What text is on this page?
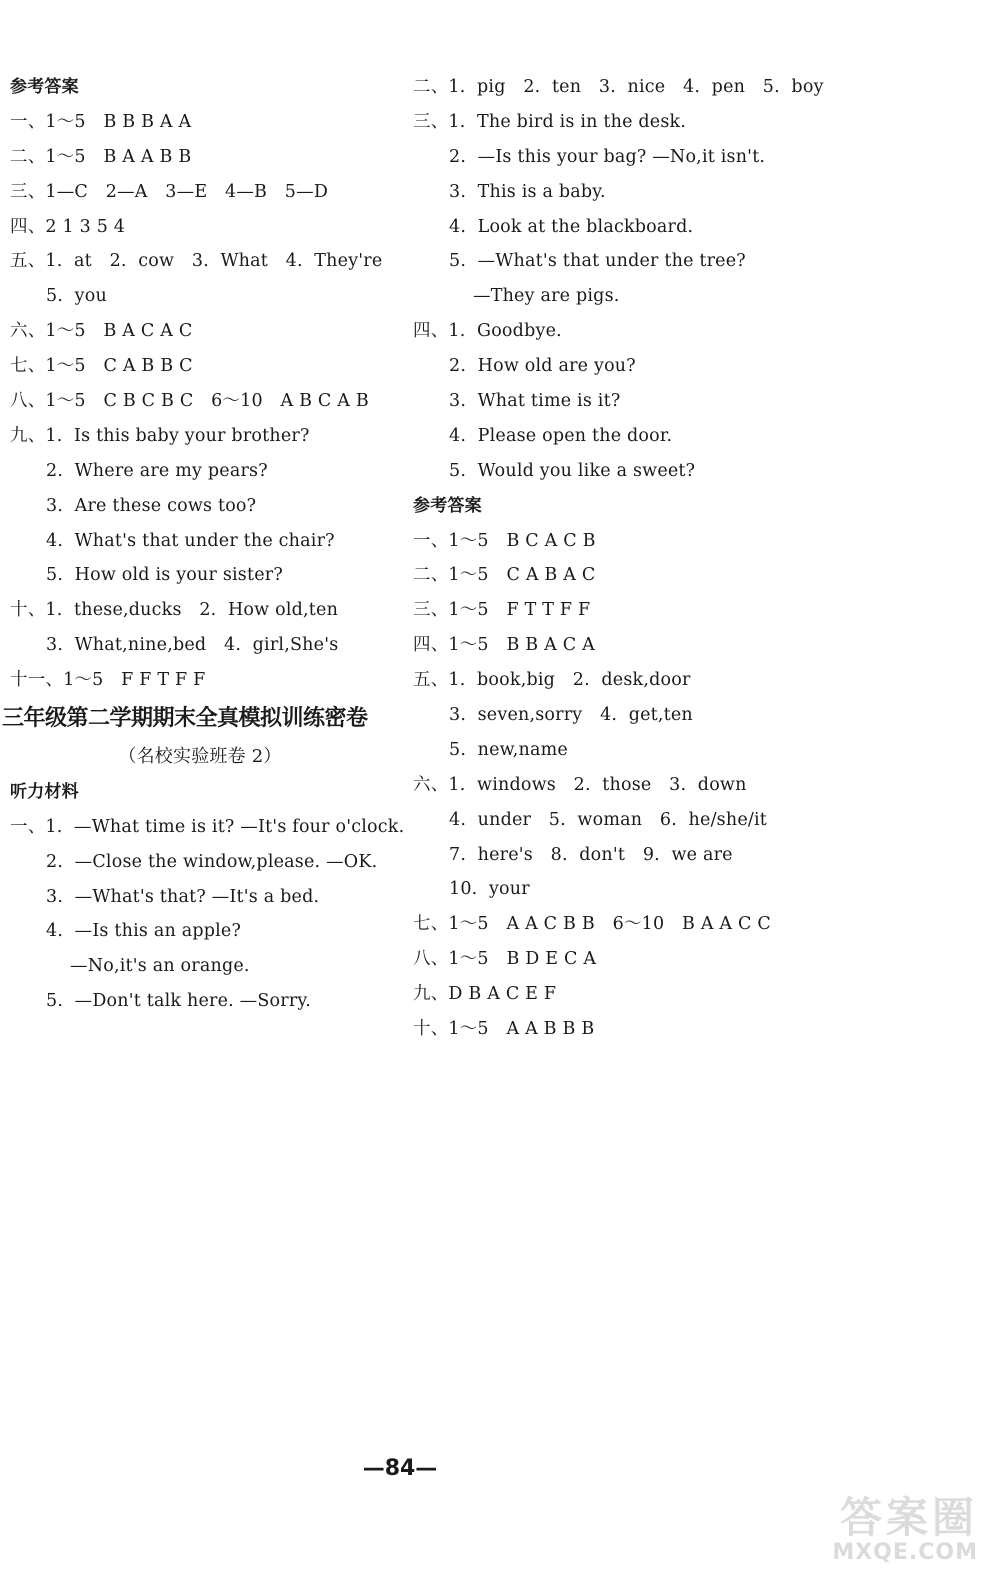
参考答案
一、1～5　B B B A A
二、1～5　B A A B B
三、1—C　2—A　3—E　4—B　5—D
四、2 1 3 5 4
五、1.  at　2.  cow　3.  What　4.  They're
5.  you
六、1～5　B A C A C
七、1～5　C A B B C
八、1～5　C B C B C　6～10　A B C A B
九、1.  Is this baby your brother?
2.  Where are my pears?
3.  Are these cows too?
4.  What's that under the chair?
5.  How old is your sister?
十、1.  these,ducks　2.  How old,ten
3.  What,nine,bed　4.  girl,She's
十一、1～5　F F T F F
三年级第二学期期末全真模拟训练密卷
（名校实验班卷 2）
听力材料
一、1.  —What time is it? —It's four o'clock.
2.  —Close the window,please. —OK.
3.  —What's that? —It's a bed.
4.  —Is this an apple?
—No,it's an orange.
5.  —Don't talk here. —Sorry.
二、1.  pig　2.  ten　3.  nice　4.  pen　5.  boy
三、1.  The bird is in the desk.
2.  —Is this your bag? —No,it isn't.
3.  This is a baby.
4.  Look at the blackboard.
5.  —What's that under the tree?
—They are pigs.
四、1.  Goodbye.
2.  How old are you?
3.  What time is it?
4.  Please open the door.
5.  Would you like a sweet?
参考答案
一、1～5　B C A C B
二、1～5　C A B A C
三、1～5　F T T F F
四、1～5　B B A C A
五、1.  book,big　2.  desk,door
3.  seven,sorry　4.  get,ten
5.  new,name
六、1.  windows　2.  those　3.  down
4.  under　5.  woman　6.  he/she/it
7.  here's　8.  don't　9.  we are
10.  your
七、1～5　A A C B B　6～10　B A A C C
八、1～5　B D E C A
九、D B A C E F
十、1～5　A A B B B
—84—
答案圈
MXQE.COM
